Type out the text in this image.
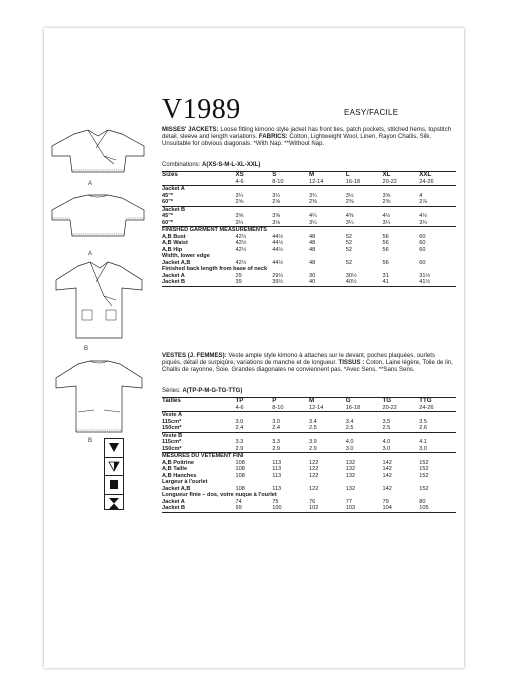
A
A
B
B
V1989	EASY/FACILE
MISSES' JACKETS: Loose fitting kimono style jacket has front ties, patch pockets, stitched hems, topstitch detail, sleeve and length variations. FABRICS: Cotton, Lightweight Wool, Linen, Rayon Challis, Silk. Unsuitable for obvious diagonals. *With Nap. **Without Nap.
Combinations: A(XS-S-M-L-XL-XXL)
Sizes	XS	S	M	L	XL	XXL
	4-6	8-10	12-14	16-18	20-22	24-26
Jacket A						
45"*	3¼	3¼	3¾	3½	3⅝	4
60"*	2⅝	2⅝	2⅜	2⅜	2⅜	2⅞
Jacket B						
45"*	3⅝	3⅝	4¼	4⅜	4½	4½
60"*	3¼	3⅛	3¼	3¼	3¼	3¼
FINISHED GARMENT MEASUREMENTS						
A,B Bust	42½	44½	48	52	56	60
A,B Waist	42½	44½	48	52	56	60
A,B Hip	42½	44½	48	52	56	60
Width, lower edge						
Jacket A,B	42½	44½	48	52	56	60
Finished back length from base of neck						
Jacket A	29	29½	30	30½	31	31½
Jacket B	39	39½	40	40½	41	41½
VESTES (J. FEMMES): Veste ample style kimono à attaches sur le devant, poches plaquées, ourlets piqués, détail de surpiqûre, variations de manche et de longueur. TISSUS : Coton, Laine légère, Toile de lin, Challis de rayonne, Soie. Grandes diagonales ne conviennent pas. *Avec Sens. **Sans Sens.
Séries: A(TP-P-M-G-TG-TTG)
Tailles	TP	P	M	G	TG	TTG
	4-6	8-10	12-14	16-18	20-22	24-26
Veste A						
115cm*	3.0	3.0	3.4	3.4	3.5	3.5
150cm*	2.4	2.4	2.5	2.5	2.5	2.6
Veste B						
115cm*	3.3	3.3	3.9	4.0	4.0	4.1
150cm*	2.9	2.9	2.9	3.0	3.0	3.0
MESURES DU VÊTEMENT FINI						
A,B Poitrine	108	113	122	132	142	152
A,B Taille	108	113	122	132	142	152
A,B Hanches	108	113	122	132	142	152
Largeur à l'ourlet						
Jacket A,B	108	113	122	132	142	152
Longueur finie – dos, votre nuque à l'ourlet						
Jacket A	74	75	76	77	79	80
Jacket B	99	100	102	103	104	105
